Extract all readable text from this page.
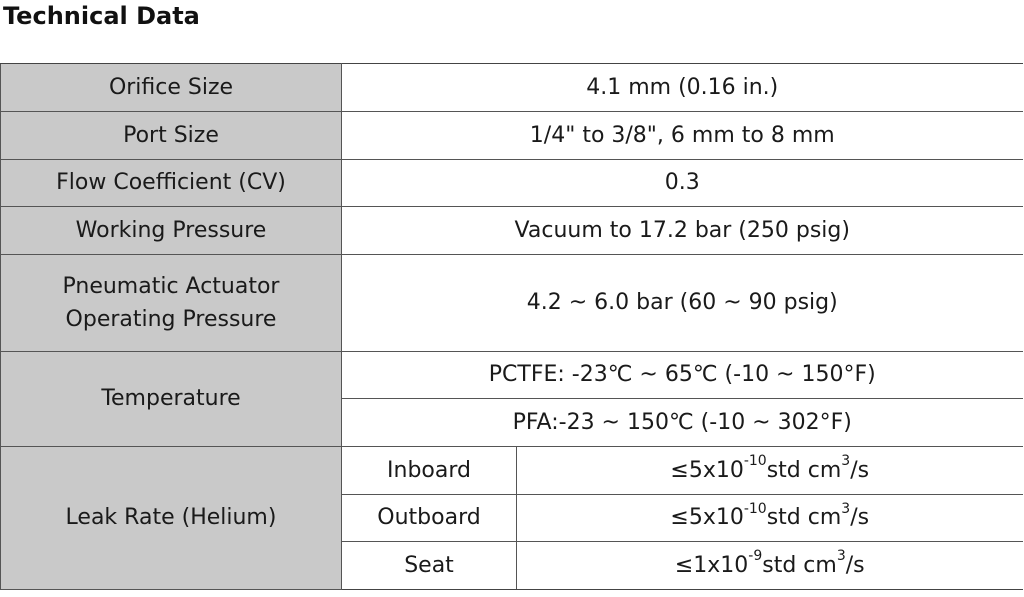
Technical Data
Orifice Size	4.1 mm (0.16 in.)	
Port Size	1/4" to 3/8", 6 mm to 8 mm	
Flow Coefficient (CV)	0.3	
Working Pressure	Vacuum to 17.2 bar (250 psig)	

Pneumatic Actuator
Operating Pressure	4.2 ~ 6.0 bar (60 ~ 90 psig)	
Temperature	PCTFE: -23℃ ~ 65℃ (-10 ~ 150°F)	
	PFA:-23 ~ 150℃ (-10 ~ 302°F)	
Leak Rate (Helium)	Inboard	$\le 5x10^{-10}std$ $cm^3/s$
	Outboard	$\le 5x10^{-10}std$ $cm^3/s$
	Seat	$\le 1x10^{-9}std$ $cm^3/s$
